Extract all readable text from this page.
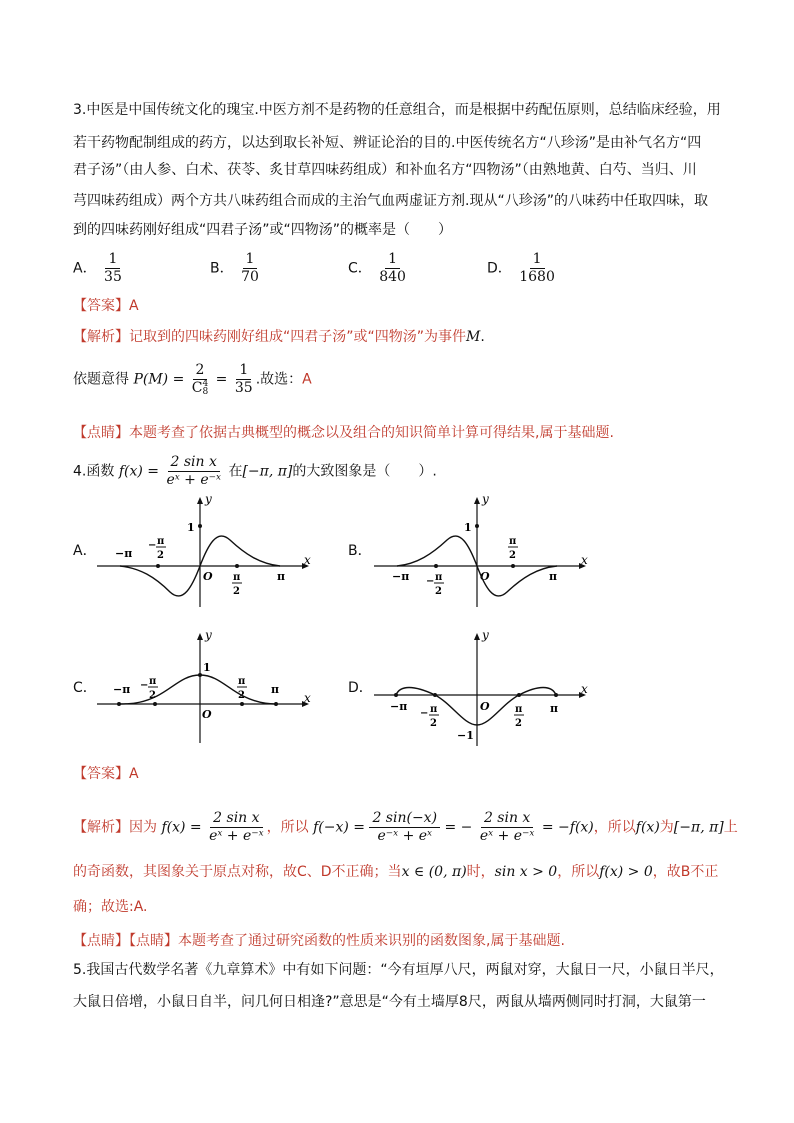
3.中医是中国传统文化的瑰宝.中医方剂不是药物的任意组合，而是根据中药配伍原则，总结临床经验，用
若干药物配制组成的药方，以达到取长补短、辨证论治的目的.中医传统名方“八珍汤”是由补气名方“四
君子汤”（由人参、白术、茯苓、炙甘草四味药组成）和补血名方“四物汤”（由熟地黄、白芍、当归、川
芎四味药组成）两个方共八味药组合而成的主治气血两虚证方剂.现从“八珍汤”的八味药中任取四味，取
到的四味药刚好组成“四君子汤”或“四物汤”的概率是（　　）
A． $\frac{1}{35}$	B． $\frac{1}{70}$	C． $\frac{1}{840}$	D． $\frac{1}{1680}$
【答案】A
【解析】记取到的四味药刚好组成“四君子汤”或“四物汤”为事件M.
依题意得 P(M) = 2
C 4
$8 = \frac{1}{35}$ .故选：A
【点睛】本题考查了依据古典概型的概念以及组合的知识简单计算可得结果,属于基础题.
4.函数 $f(x) = \frac{\text{2 sin x}}{\text{eˣ + e⁻ˣ}}$ 在[−π, π]的大致图象是（　　）.
A．
y
x
O
1
−π
π
− π
2
π
2
B．
y
x
O
1
−π	π
− π
2
π
2
C．
y
x
O
1
−π	π
− π
2
π
2	D．
y
x
O
−1
−π	π
− π
2
π
2
【答案】A
【解析】因为 $f(x) = \frac{\text{2 sin x}}{\text{eˣ + e⁻ˣ}}$ ，所以 $f(-x) = \frac{2 \sin(-x)}{\text{e⁻ˣ + eˣ}}$ = − $\frac{\text{2 sin x}}{\text{eˣ + e⁻ˣ}} = -f(x)$，所以f(x)为[−π, π]上
的奇函数，其图象关于原点对称，故C、D不正确；当x ∈ (0, π)时，sin x > 0，所以f(x) > 0，故B不正
确；故选:A.
【点睛】【点睛】本题考查了通过研究函数的性质来识别的函数图象,属于基础题.
5.我国古代数学名著《九章算术》中有如下问题：“今有垣厚八尺，两鼠对穿，大鼠日一尺，小鼠日半尺，
大鼠日倍增，小鼠日自半，问几何日相逢?”意思是“今有土墙厚8尺，两鼠从墙两侧同时打洞，大鼠第一
